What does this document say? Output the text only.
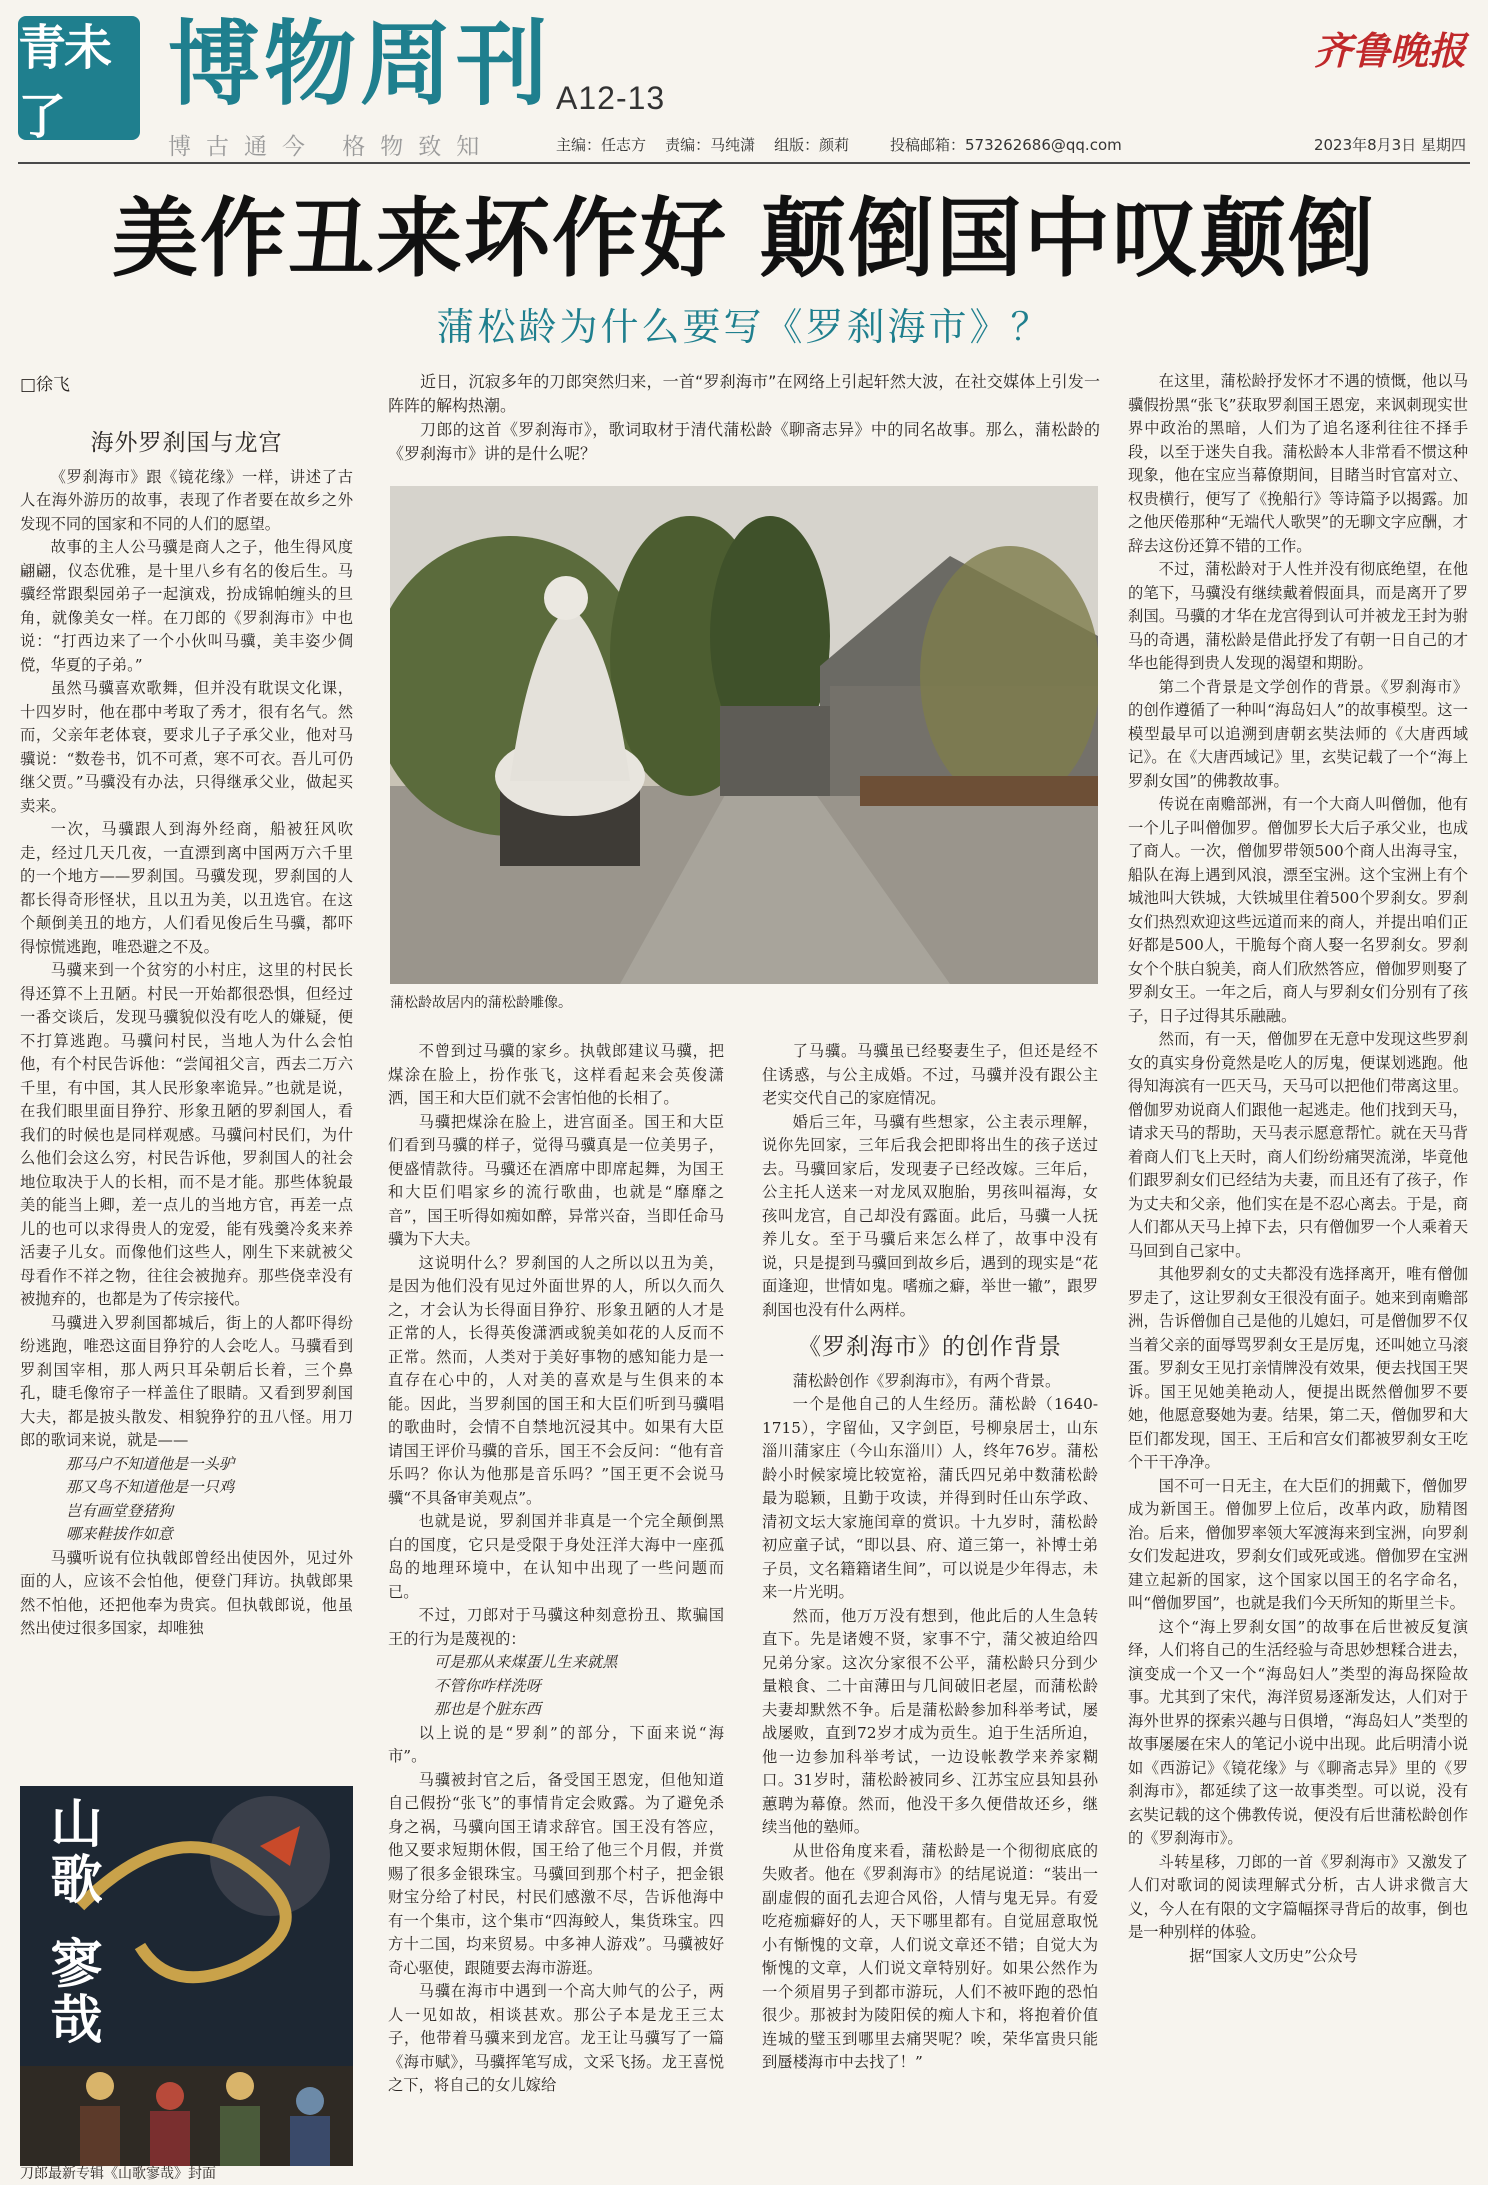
青未了	博物周刊 A12-13
齐鲁晚报
博古通今 格物致知	主编：任志方    责编：马纯潇    组版：颜莉	投稿邮箱：573262686@qq.com	2023年8月3日 星期四
美作丑来坏作好 颠倒国中叹颠倒
蒲松龄为什么要写《罗刹海市》？
□徐飞
海外罗刹国与龙宫

《罗刹海市》跟《镜花缘》一样，讲述了古人在海外游历的故事，表现了作者要在故乡之外发现不同的国家和不同的人们的愿望。

故事的主人公马骥是商人之子，他生得风度翩翩，仪态优雅，是十里八乡有名的俊后生。马骥经常跟梨园弟子一起演戏，扮成锦帕缠头的旦角，就像美女一样。在刀郎的《罗刹海市》中也说：“打西边来了一个小伙叫马骥，美丰姿少倜傥，华夏的子弟。”

虽然马骥喜欢歌舞，但并没有耽误文化课，十四岁时，他在郡中考取了秀才，很有名气。然而，父亲年老体衰，要求儿子子承父业，他对马骥说：“数卷书，饥不可煮，寒不可衣。吾儿可仍继父贾。”马骥没有办法，只得继承父业，做起买卖来。

一次，马骥跟人到海外经商，船被狂风吹走，经过几天几夜，一直漂到离中国两万六千里的一个地方——罗刹国。马骥发现，罗刹国的人都长得奇形怪状，且以丑为美，以丑选官。在这个颠倒美丑的地方，人们看见俊后生马骥，都吓得惊慌逃跑，唯恐避之不及。

马骥来到一个贫穷的小村庄，这里的村民长得还算不上丑陋。村民一开始都很恐惧，但经过一番交谈后，发现马骥貌似没有吃人的嫌疑，便不打算逃跑。马骥问村民，当地人为什么会怕他，有个村民告诉他：“尝闻祖父言，西去二万六千里，有中国，其人民形象率诡异。”也就是说，在我们眼里面目狰狞、形象丑陋的罗刹国人，看我们的时候也是同样观感。马骥问村民们，为什么他们会这么穷，村民告诉他，罗刹国人的社会地位取决于人的长相，而不是才能。那些体貌最美的能当上卿，差一点儿的当地方官，再差一点儿的也可以求得贵人的宠爱，能有残羹冷炙来养活妻子儿女。而像他们这些人，刚生下来就被父母看作不祥之物，往往会被抛弃。那些侥幸没有被抛弃的，也都是为了传宗接代。

马骥进入罗刹国都城后，街上的人都吓得纷纷逃跑，唯恐这面目狰狞的人会吃人。马骥看到罗刹国宰相，那人两只耳朵朝后长着，三个鼻孔，睫毛像帘子一样盖住了眼睛。又看到罗刹国大夫，都是披头散发、相貌狰狞的丑八怪。用刀郎的歌词来说，就是——

那马户不知道他是一头驴

那又鸟不知道他是一只鸡

岂有画堂登猪狗

哪来鞋拔作如意

马骥听说有位执戟郎曾经出使因外，见过外面的人，应该不会怕他，便登门拜访。执戟郎果然不怕他，还把他奉为贵宾。但执戟郎说，他虽然出使过很多国家，却唯独

近日，沉寂多年的刀郎突然归来，一首“罗刹海市”在网络上引起轩然大波，在社交媒体上引发一阵阵的解构热潮。

刀郎的这首《罗刹海市》，歌词取材于清代蒲松龄《聊斋志异》中的同名故事。那么，蒲松龄的《罗刹海市》讲的是什么呢？

蒲松龄故居内的蒲松龄雕像。

不曾到过马骥的家乡。执戟郎建议马骥，把煤涂在脸上，扮作张飞，这样看起来会英俊潇洒，国王和大臣们就不会害怕他的长相了。

马骥把煤涂在脸上，进宫面圣。国王和大臣们看到马骥的样子，觉得马骥真是一位美男子，便盛情款待。马骥还在酒席中即席起舞，为国王和大臣们唱家乡的流行歌曲，也就是“靡靡之音”，国王听得如痴如醉，异常兴奋，当即任命马骥为下大夫。

这说明什么？罗刹国的人之所以以丑为美，是因为他们没有见过外面世界的人，所以久而久之，才会认为长得面目狰狞、形象丑陋的人才是正常的人，长得英俊潇洒或貌美如花的人反而不正常。然而，人类对于美好事物的感知能力是一直存在心中的，人对美的喜欢是与生俱来的本能。因此，当罗刹国的国王和大臣们听到马骥唱的歌曲时，会情不自禁地沉浸其中。如果有大臣请国王评价马骥的音乐，国王不会反问：“他有音乐吗？你认为他那是音乐吗？”国王更不会说马骥“不具备审美观点”。

也就是说，罗刹国并非真是一个完全颠倒黑白的国度，它只是受限于身处汪洋大海中一座孤岛的地理环境中，在认知中出现了一些问题而已。

不过，刀郎对于马骥这种刻意扮丑、欺骗国王的行为是蔑视的：

可是那从来煤蛋儿生来就黑

不管你咋样洗呀

那也是个脏东西

以上说的是“罗刹”的部分，下面来说“海市”。

马骥被封官之后，备受国王恩宠，但他知道自己假扮“张飞”的事情肯定会败露。为了避免杀身之祸，马骥向国王请求辞官。国王没有答应，他又要求短期休假，国王给了他三个月假，并赏赐了很多金银珠宝。马骥回到那个村子，把金银财宝分给了村民，村民们感激不尽，告诉他海中有一个集市，这个集市“四海鲛人，集货珠宝。四方十二国，均来贸易。中多神人游戏”。马骥被好奇心驱使，跟随要去海市游逛。

马骥在海市中遇到一个高大帅气的公子，两人一见如故，相谈甚欢。那公子本是龙王三太子，他带着马骥来到龙宫。龙王让马骥写了一篇《海市赋》，马骥挥笔写成，文采飞扬。龙王喜悦之下，将自己的女儿嫁给

了马骥。马骥虽已经娶妻生子，但还是经不住诱惑，与公主成婚。不过，马骥并没有跟公主老实交代自己的家庭情况。

婚后三年，马骥有些想家，公主表示理解，说你先回家，三年后我会把即将出生的孩子送过去。马骥回家后，发现妻子已经改嫁。三年后，公主托人送来一对龙凤双胞胎，男孩叫福海，女孩叫龙宫，自己却没有露面。此后，马骥一人抚养儿女。至于马骥后来怎么样了，故事中没有说，只是提到马骥回到故乡后，遇到的现实是“花面逢迎，世情如鬼。嗜痂之癖，举世一辙”，跟罗刹国也没有什么两样。

《罗刹海市》的创作背景

蒲松龄创作《罗刹海市》，有两个背景。

一个是他自己的人生经历。蒲松龄（1640-1715），字留仙，又字剑臣，号柳泉居士，山东淄川蒲家庄（今山东淄川）人，终年76岁。蒲松龄小时候家境比较宽裕，蒲氏四兄弟中数蒲松龄最为聪颖，且勤于攻读，并得到时任山东学政、清初文坛大家施闰章的赏识。十九岁时，蒲松龄初应童子试，“即以县、府、道三第一，补博士弟子员，文名籍籍诸生间”，可以说是少年得志，未来一片光明。

然而，他万万没有想到，他此后的人生急转直下。先是诸嫂不贤，家事不宁，蒲父被迫给四兄弟分家。这次分家很不公平，蒲松龄只分到少量粮食、二十亩薄田与几间破旧老屋，而蒲松龄夫妻却默然不争。后是蒲松龄参加科举考试，屡战屡败，直到72岁才成为贡生。迫于生活所迫，他一边参加科举考试，一边设帐教学来养家糊口。31岁时，蒲松龄被同乡、江苏宝应县知县孙蕙聘为幕僚。然而，他没干多久便借故还乡，继续当他的塾师。

从世俗角度来看，蒲松龄是一个彻彻底底的失败者。他在《罗刹海市》的结尾说道：“装出一副虚假的面孔去迎合风俗，人情与鬼无异。有爱吃疮痂癖好的人，天下哪里都有。自觉屈意取悦小有惭愧的文章，人们说文章还不错；自觉大为惭愧的文章，人们说文章特别好。如果公然作为一个须眉男子到都市游玩，人们不被吓跑的恐怕很少。那被封为陵阳侯的痴人卞和，将抱着价值连城的璧玉到哪里去痛哭呢？唉，荣华富贵只能到蜃楼海市中去找了！”

在这里，蒲松龄抒发怀才不遇的愤慨，他以马骥假扮黑“张飞”获取罗刹国王恩宠，来讽刺现实世界中政治的黑暗，人们为了追名逐利往往不择手段，以至于迷失自我。蒲松龄本人非常看不惯这种现象，他在宝应当幕僚期间，目睹当时官富对立、权贵横行，便写了《挽船行》等诗篇予以揭露。加之他厌倦那种“无端代人歌哭”的无聊文字应酬，才辞去这份还算不错的工作。

不过，蒲松龄对于人性并没有彻底绝望，在他的笔下，马骥没有继续戴着假面具，而是离开了罗刹国。马骥的才华在龙宫得到认可并被龙王封为驸马的奇遇，蒲松龄是借此抒发了有朝一日自己的才华也能得到贵人发现的渴望和期盼。

第二个背景是文学创作的背景。《罗刹海市》的创作遵循了一种叫“海岛妇人”的故事模型。这一模型最早可以追溯到唐朝玄奘法师的《大唐西域记》。在《大唐西域记》里，玄奘记载了一个“海上罗刹女国”的佛教故事。

传说在南赡部洲，有一个大商人叫僧伽，他有一个儿子叫僧伽罗。僧伽罗长大后子承父业，也成了商人。一次，僧伽罗带领500个商人出海寻宝，船队在海上遇到风浪，漂至宝洲。这个宝洲上有个城池叫大铁城，大铁城里住着500个罗刹女。罗刹女们热烈欢迎这些远道而来的商人，并提出咱们正好都是500人，干脆每个商人娶一名罗刹女。罗刹女个个肤白貌美，商人们欣然答应，僧伽罗则娶了罗刹女王。一年之后，商人与罗刹女们分别有了孩子，日子过得其乐融融。

然而，有一天，僧伽罗在无意中发现这些罗刹女的真实身份竟然是吃人的厉鬼，便谋划逃跑。他得知海滨有一匹天马，天马可以把他们带离这里。僧伽罗劝说商人们跟他一起逃走。他们找到天马，请求天马的帮助，天马表示愿意帮忙。就在天马背着商人们飞上天时，商人们纷纷痛哭流涕，毕竟他们跟罗刹女们已经结为夫妻，而且还有了孩子，作为丈夫和父亲，他们实在是不忍心离去。于是，商人们都从天马上掉下去，只有僧伽罗一个人乘着天马回到自己家中。

其他罗刹女的丈夫都没有选择离开，唯有僧伽罗走了，这让罗刹女王很没有面子。她来到南赡部洲，告诉僧伽自己是他的儿媳妇，可是僧伽罗不仅当着父亲的面辱骂罗刹女王是厉鬼，还叫她立马滚蛋。罗刹女王见打亲情牌没有效果，便去找国王哭诉。国王见她美艳动人，便提出既然僧伽罗不要她，他愿意娶她为妻。结果，第二天，僧伽罗和大臣们都发现，国王、王后和宫女们都被罗刹女王吃个干干净净。

国不可一日无主，在大臣们的拥戴下，僧伽罗成为新国王。僧伽罗上位后，改革内政，励精图治。后来，僧伽罗率领大军渡海来到宝洲，向罗刹女们发起进攻，罗刹女们或死或逃。僧伽罗在宝洲建立起新的国家，这个国家以国王的名字命名，叫“僧伽罗国”，也就是我们今天所知的斯里兰卡。

这个“海上罗刹女国”的故事在后世被反复演绎，人们将自己的生活经验与奇思妙想糅合进去，演变成一个又一个“海岛妇人”类型的海岛探险故事。尤其到了宋代，海洋贸易逐渐发达，人们对于海外世界的探索兴趣与日俱增，“海岛妇人”类型的故事屡屡在宋人的笔记小说中出现。此后明清小说如《西游记》《镜花缘》与《聊斋志异》里的《罗刹海市》，都延续了这一故事类型。可以说，没有玄奘记载的这个佛教传说，便没有后世蒲松龄创作的《罗刹海市》。

斗转星移，刀郎的一首《罗刹海市》又激发了人们对歌词的阅读理解式分析，古人讲求微言大义，今人在有限的文字篇幅探寻背后的故事，倒也是一种别样的体验。

据“国家人文历史”公众号

山歌
寥哉
刀郎最新专辑《山歌寥哉》封面
